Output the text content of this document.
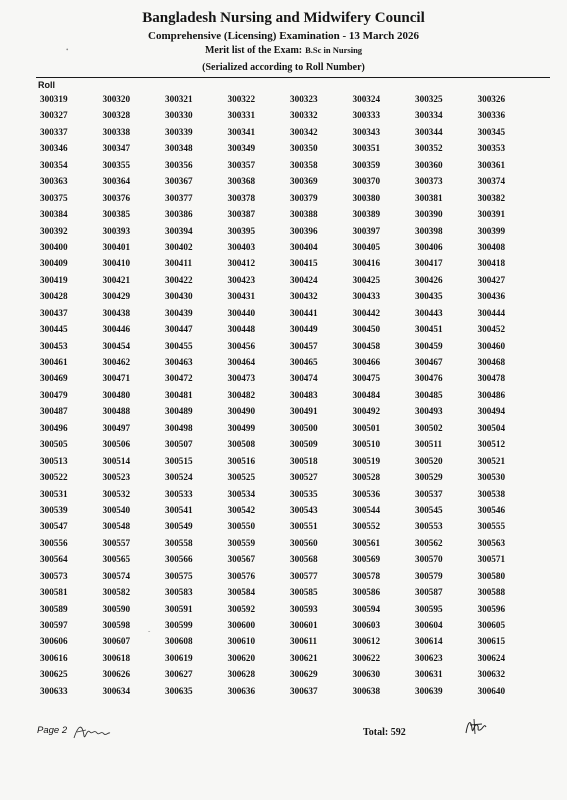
Bangladesh Nursing and Midwifery Council
Comprehensive (Licensing) Examination - 13 March 2026
Merit list of the Exam: B.Sc in Nursing
(Serialized according to Roll Number)
Roll
300319	300320	300321	300322	300323	300324	300325	300326
300327	300328	300330	300331	300332	300333	300334	300336
300337	300338	300339	300341	300342	300343	300344	300345
300346	300347	300348	300349	300350	300351	300352	300353
300354	300355	300356	300357	300358	300359	300360	300361
300363	300364	300367	300368	300369	300370	300373	300374
300375	300376	300377	300378	300379	300380	300381	300382
300384	300385	300386	300387	300388	300389	300390	300391
300392	300393	300394	300395	300396	300397	300398	300399
300400	300401	300402	300403	300404	300405	300406	300408
300409	300410	300411	300412	300415	300416	300417	300418
300419	300421	300422	300423	300424	300425	300426	300427
300428	300429	300430	300431	300432	300433	300435	300436
300437	300438	300439	300440	300441	300442	300443	300444
300445	300446	300447	300448	300449	300450	300451	300452
300453	300454	300455	300456	300457	300458	300459	300460
300461	300462	300463	300464	300465	300466	300467	300468
300469	300471	300472	300473	300474	300475	300476	300478
300479	300480	300481	300482	300483	300484	300485	300486
300487	300488	300489	300490	300491	300492	300493	300494
300496	300497	300498	300499	300500	300501	300502	300504
300505	300506	300507	300508	300509	300510	300511	300512
300513	300514	300515	300516	300518	300519	300520	300521
300522	300523	300524	300525	300527	300528	300529	300530
300531	300532	300533	300534	300535	300536	300537	300538
300539	300540	300541	300542	300543	300544	300545	300546
300547	300548	300549	300550	300551	300552	300553	300555
300556	300557	300558	300559	300560	300561	300562	300563
300564	300565	300566	300567	300568	300569	300570	300571
300573	300574	300575	300576	300577	300578	300579	300580
300581	300582	300583	300584	300585	300586	300587	300588
300589	300590	300591	300592	300593	300594	300595	300596
300597	300598	300599	300600	300601	300603	300604	300605
300606	300607	300608	300610	300611	300612	300614	300615
300616	300618	300619	300620	300621	300622	300623	300624
300625	300626	300627	300628	300629	300630	300631	300632
300633	300634	300635	300636	300637	300638	300639	300640
Page 2	Total: 592
•
-
